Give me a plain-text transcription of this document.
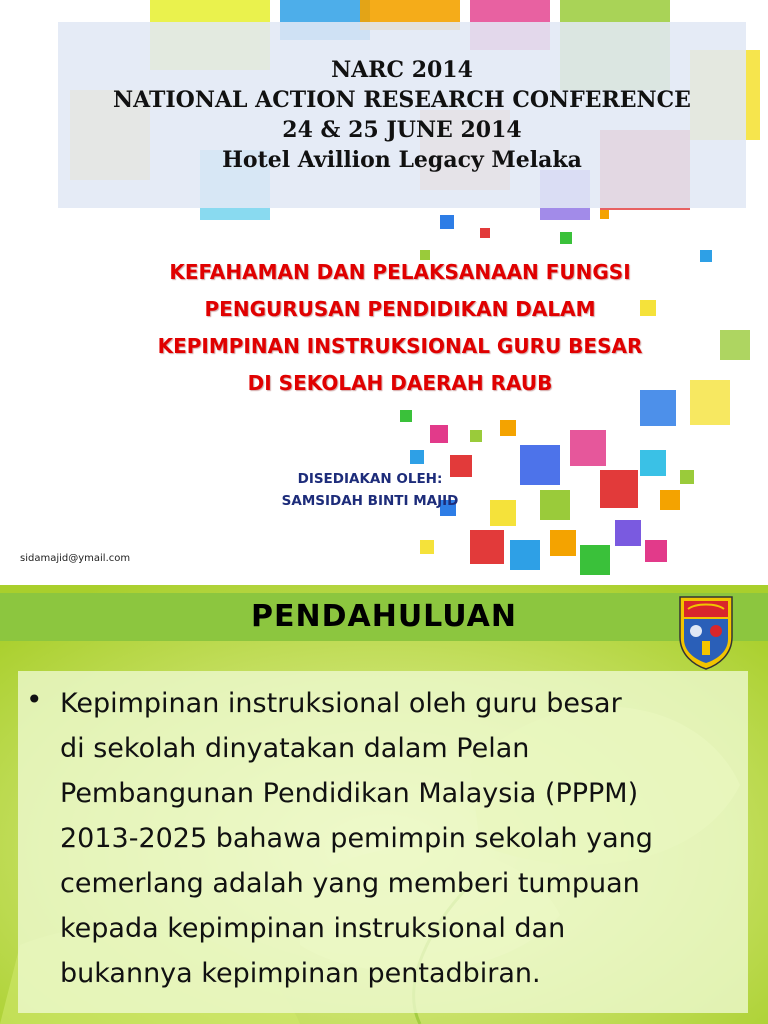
NARC 2014
NATIONAL ACTION RESEARCH CONFERENCE
24 & 25 JUNE 2014
Hotel Avillion Legacy Melaka
KEFAHAMAN DAN PELAKSANAAN FUNGSI
PENGURUSAN PENDIDIKAN DALAM
KEPIMPINAN INSTRUKSIONAL GURU BESAR
DI SEKOLAH DAERAH RAUB
DISEDIAKAN OLEH:
SAMSIDAH BINTI MAJID
sidamajid@ymail.com
PENDAHULUAN
• Kepimpinan instruksional oleh guru besar
di sekolah dinyatakan dalam Pelan
Pembangunan Pendidikan Malaysia (PPPM)
2013-2025 bahawa pemimpin sekolah yang
cemerlang adalah yang memberi tumpuan
kepada kepimpinan instruksional dan
bukannya kepimpinan pentadbiran.
